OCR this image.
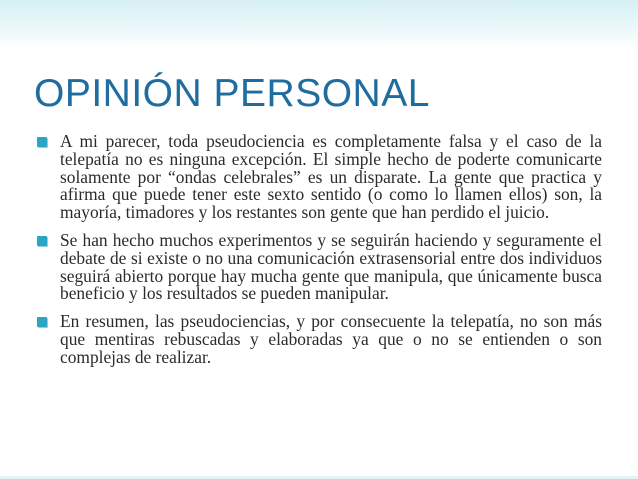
OPINIÓN PERSONAL
A mi parecer, toda pseudociencia es completamente falsa y el caso de la telepatía no es ninguna excepción. El simple hecho de poderte comunicarte solamente por “ondas celebrales” es un disparate. La gente que practica y afirma que puede tener este sexto sentido (o como lo llamen ellos) son, la mayoría, timadores y los restantes son gente que han perdido el juicio.
Se han hecho muchos experimentos y se seguirán haciendo y seguramente el debate de si existe o no una comunicación extrasensorial entre dos individuos seguirá abierto porque hay mucha gente que manipula, que únicamente busca beneficio y los resultados se pueden manipular.
En resumen, las pseudociencias, y por consecuente la telepatía, no son más que mentiras rebuscadas y elaboradas ya que o no se entienden o son complejas de realizar.
